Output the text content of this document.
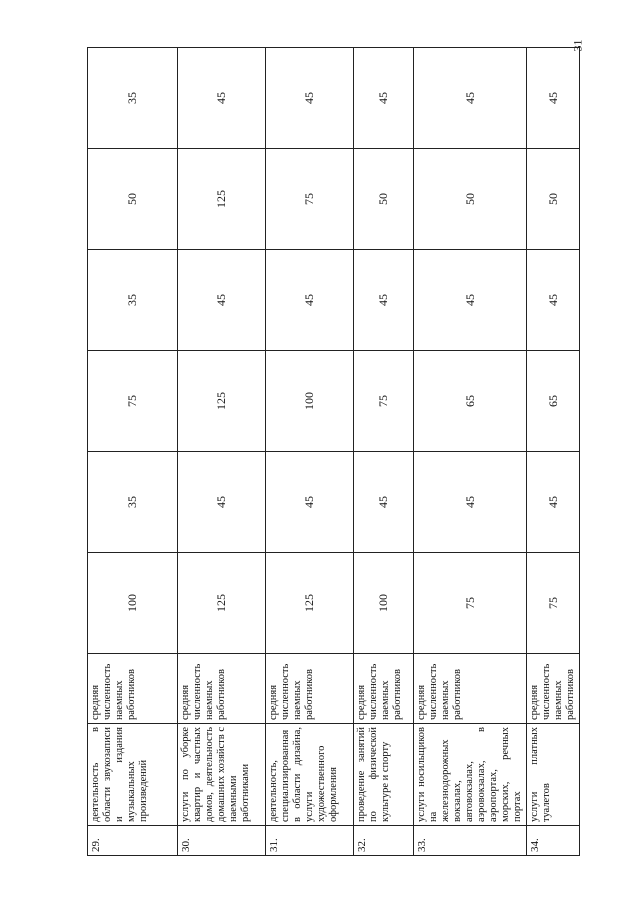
31
29.	деятельность в области звукозаписи и издания музыкальных произведений	средняя численность наемных работников	100	35	75	35	50	35
30.	услуги по уборке квартир и частных домов, деятельность домашних хозяйств с наемными работниками	средняя численность наемных работников	125	45	125	45	125	45
31.	деятельность, специализированная в области дизайна, услуги художественного оформления	средняя численность наемных работников	125	45	100	45	75	45
32.	проведение занятий по физической культуре и спорту	средняя численность наемных работников	100	45	75	45	50	45
33.	услуги носильщиков на железнодорожных вокзалах, автовокзалах, аэровокзалах, в аэропортах, морских, речных портах	средняя численность наемных работников	75	45	65	45	50	45
34.	услуги платных туалетов	средняя численность наемных работников	75	45	65	45	50	45
